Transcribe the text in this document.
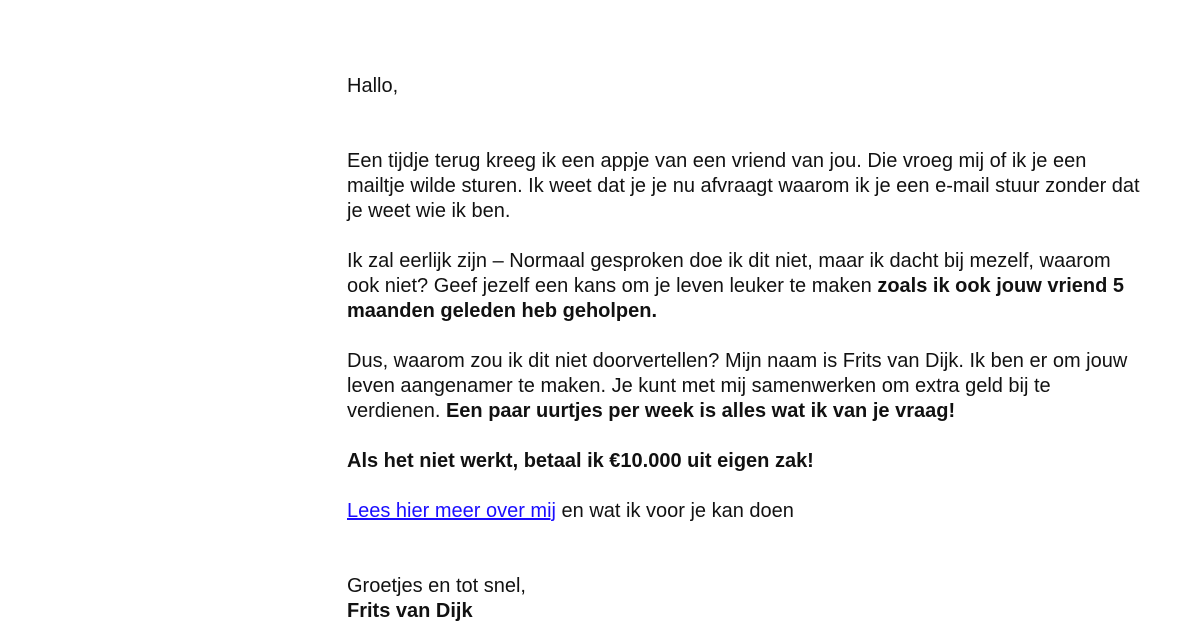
Hallo,

Een tijdje terug kreeg ik een appje van een vriend van jou. Die vroeg mij of ik je een mailtje wilde sturen. Ik weet dat je je nu afvraagt waarom ik je een e-mail stuur zonder dat je weet wie ik ben.

Ik zal eerlijk zijn – Normaal gesproken doe ik dit niet, maar ik dacht bij mezelf, waarom ook niet? Geef jezelf een kans om je leven leuker te maken zoals ik ook jouw vriend 5 maanden geleden heb geholpen.

Dus, waarom zou ik dit niet doorvertellen? Mijn naam is Frits van Dijk. Ik ben er om jouw leven aangenamer te maken. Je kunt met mij samenwerken om extra geld bij te verdienen. Een paar uurtjes per week is alles wat ik van je vraag!

Als het niet werkt, betaal ik €10.000 uit eigen zak!

Lees hier meer over mij en wat ik voor je kan doen

Groetjes en tot snel,

Frits van Dijk
